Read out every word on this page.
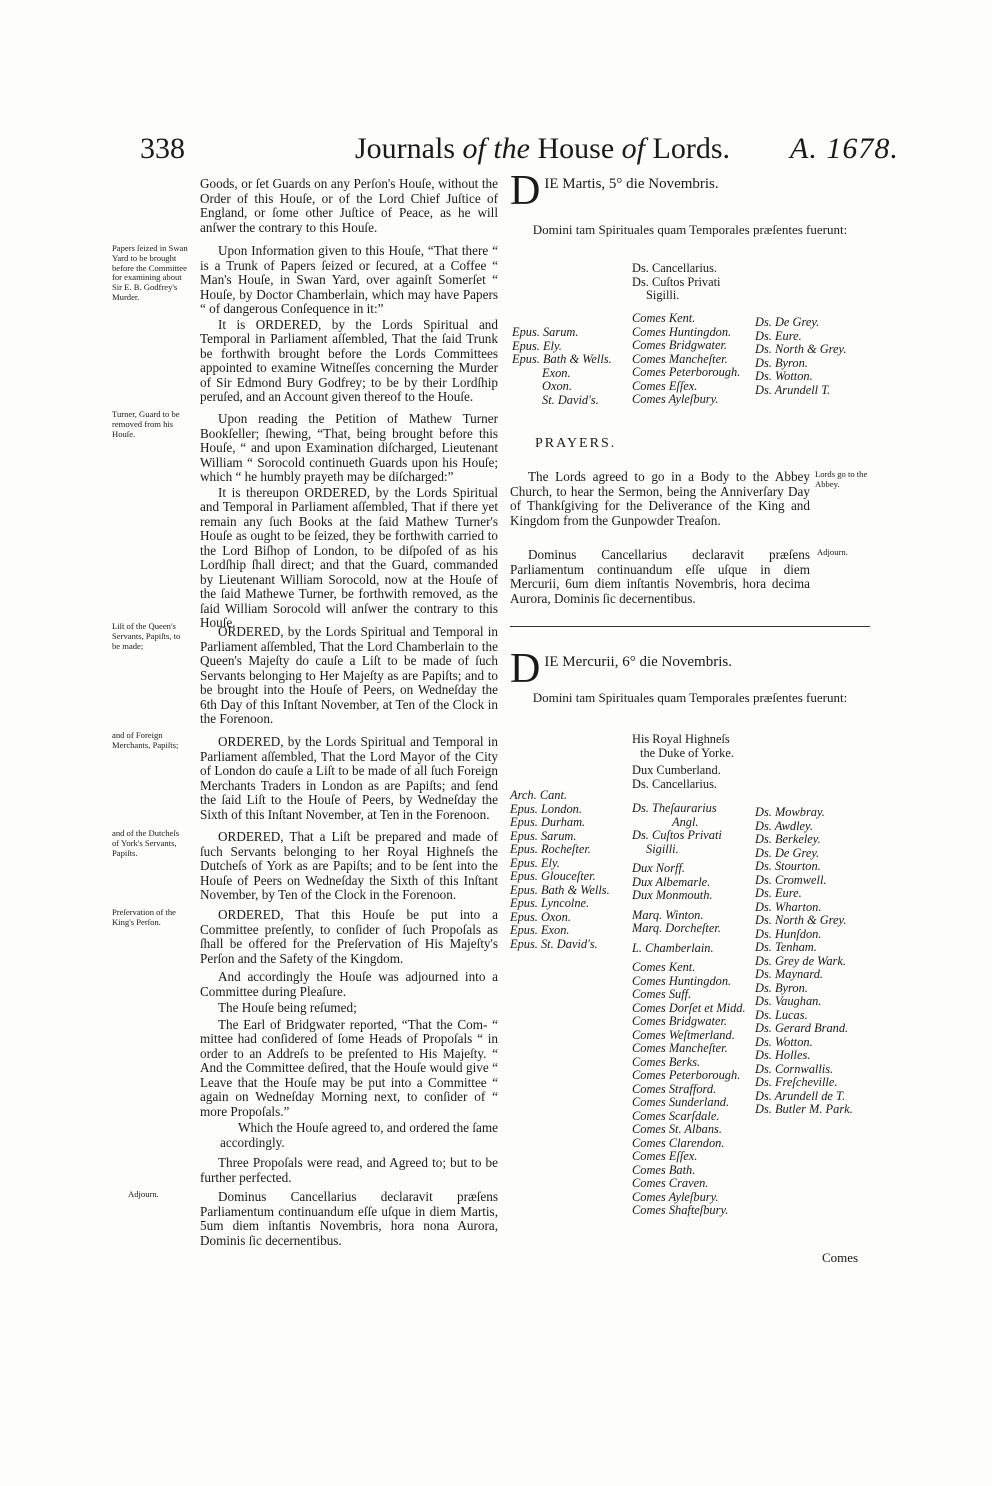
338	Journals of the House of Lords. A. 1678.

Goods, or ſet Guards on any Perſon's Houſe, without the Order of this Houſe, or of the Lord Chief Juſtice of England, or ſome other Juſtice of Peace, as he will anſwer the contrary to this Houſe.

Papers ſeized in Swan Yard to be brought before the Committee for examining about Sir E. B. Godfrey's Murder.

Upon Information given to this Houſe, “That there “ is a Trunk of Papers ſeized or ſecured, at a Coffee “ Man's Houſe, in Swan Yard, over againſt Somerſet “ Houſe, by Doctor Chamberlain, which may have Papers “ of dangerous Conſequence in it:”

It is ORDERED, by the Lords Spiritual and Temporal in Parliament aſſembled, That the ſaid Trunk be forthwith brought before the Lords Committees appointed to examine Witneſſes concerning the Murder of Sir Edmond Bury Godfrey; to be by their Lordſhip peruſed, and an Account given thereof to the Houſe.

Turner, Guard to be removed from his Houſe.

Upon reading the Petition of Mathew Turner Bookſeller; ſhewing, “That, being brought before this Houſe, “ and upon Examination diſcharged, Lieutenant William “ Sorocold continueth Guards upon his Houſe; which “ he humbly prayeth may be diſcharged:”

It is thereupon ORDERED, by the Lords Spiritual and Temporal in Parliament aſſembled, That if there yet remain any ſuch Books at the ſaid Mathew Turner's Houſe as ought to be ſeized, they be forthwith carried to the Lord Biſhop of London, to be diſpoſed of as his Lordſhip ſhall direct; and that the Guard, commanded by Lieutenant William Sorocold, now at the Houſe of the ſaid Mathewe Turner, be forthwith removed, as the ſaid William Sorocold will anſwer the contrary to this Houſe.

Liſt of the Queen's Servants, Papiſts, to be made;

ORDERED, by the Lords Spiritual and Temporal in Parliament aſſembled, That the Lord Chamberlain to the Queen's Majeſty do cauſe a Liſt to be made of ſuch Servants belonging to Her Majeſty as are Papiſts; and to be brought into the Houſe of Peers, on Wedneſday the 6th Day of this Inſtant November, at Ten of the Clock in the Forenoon.

and of Foreign Merchants, Papiſts;	ORDERED, by the Lords Spiritual and Temporal in Parliament aſſembled, That the Lord Mayor of the City of London do cauſe a Liſt to be made of all ſuch Foreign Merchants Traders in London as are Papiſts; and ſend the ſaid Liſt to the Houſe of Peers, by Wedneſday the Sixth of this Inſtant November, at Ten in the Forenoon.

and of the Dutcheſs of York's Servants, Papiſts.

ORDERED, That a Liſt be prepared and made of ſuch Servants belonging to her Royal Highneſs the Dutcheſs of York as are Papiſts; and to be ſent into the Houſe of Peers on Wedneſday the Sixth of this Inſtant November, by Ten of the Clock in the Forenoon.

Preſervation of the King's Perſon.	ORDERED, That this Houſe be put into a Committee preſently, to conſider of ſuch Propoſals as ſhall be offered for the Preſervation of His Majeſty's Perſon and the Safety of the Kingdom.

And accordingly the Houſe was adjourned into a Committee during Pleaſure.

The Houſe being reſumed;

The Earl of Bridgwater reported, “That the Com- “ mittee had conſidered of ſome Heads of Propoſals “ in order to an Addreſs to be preſented to His Majeſty. “ And the Committee deſired, that the Houſe would give “ Leave that the Houſe may be put into a Committee “ again on Wedneſday Morning next, to conſider of “ more Propoſals.”

Which the Houſe agreed to, and ordered the ſame accordingly.

Three Propoſals were read, and Agreed to; but to be further perfected.

Adjourn.	Dominus Cancellarius declaravit præſens Parliamentum continuandum eſſe uſque in diem Martis, 5um diem inſtantis Novembris, hora nona Aurora, Dominis ſic decernentibus.

D IE Martis, 5° die Novembris.
Domini tam Spirituales quam Temporales præſentes fuerunt:
Ds. Cancellarius.
Ds. Cuſtos Privati
Sigilli.
Epus. Sarum.
Epus. Ely.
Epus. Bath & Wells.
Exon.
Oxon.
St. David's.
Comes Kent.
Comes Huntingdon.
Comes Bridgwater.
Comes Mancheſter.
Comes Peterborough.
Comes Eſſex.
Comes Ayleſbury.
Ds. De Grey.
Ds. Eure.
Ds. North & Grey.
Ds. Byron.
Ds. Wotton.
Ds. Arundell T.
PRAYERS.
The Lords agreed to go in a Body to the Abbey Church, to hear the Sermon, being the Anniverſary Day of Thankſgiving for the Deliverance of the King and Kingdom from the Gunpowder Treaſon.
Lords go to the Abbey.
Dominus Cancellarius declaravit præſens Parliamentum continuandum eſſe uſque in diem Mercurii, 6um diem inſtantis Novembris, hora decima Aurora, Dominis ſic decernentibus.
Adjourn.
D IE Mercurii, 6° die Novembris.
Domini tam Spirituales quam Temporales præſentes fuerunt:
His Royal Highneſs
the Duke of Yorke.
Dux Cumberland.
Ds. Cancellarius.
Arch. Cant.
Epus. London.
Epus. Durham.
Epus. Sarum.
Epus. Rocheſter.
Epus. Ely.
Epus. Glouceſter.
Epus. Bath & Wells.
Epus. Lyncolne.
Epus. Oxon.
Epus. Exon.
Epus. St. David's.
Ds. Theſaurarius
Angl.
Ds. Cuſtos Privati
Sigilli.
Dux Norff.
Dux Albemarle.
Dux Monmouth.
Marq. Winton.
Marq. Dorcheſter.
L. Chamberlain.
Comes Kent.
Comes Huntingdon.
Comes Suff.
Comes Dorſet et Midd.
Comes Bridgwater.
Comes Weſtmerland.
Comes Mancheſter.
Comes Berks.
Comes Peterborough.
Comes Strafford.
Comes Sunderland.
Comes Scarſdale.
Comes St. Albans.
Comes Clarendon.
Comes Eſſex.
Comes Bath.
Comes Craven.
Comes Ayleſbury.
Comes Shafteſbury.
Ds. Mowbray.
Ds. Awdley.
Ds. Berkeley.
Ds. De Grey.
Ds. Stourton.
Ds. Cromwell.
Ds. Eure.
Ds. Wharton.
Ds. North & Grey.
Ds. Hunſdon.
Ds. Tenham.
Ds. Grey de Wark.
Ds. Maynard.
Ds. Byron.
Ds. Vaughan.
Ds. Lucas.
Ds. Gerard Brand.
Ds. Wotton.
Ds. Holles.
Ds. Cornwallis.
Ds. Freſcheville.
Ds. Arundell de T.
Ds. Butler M. Park.
Comes
